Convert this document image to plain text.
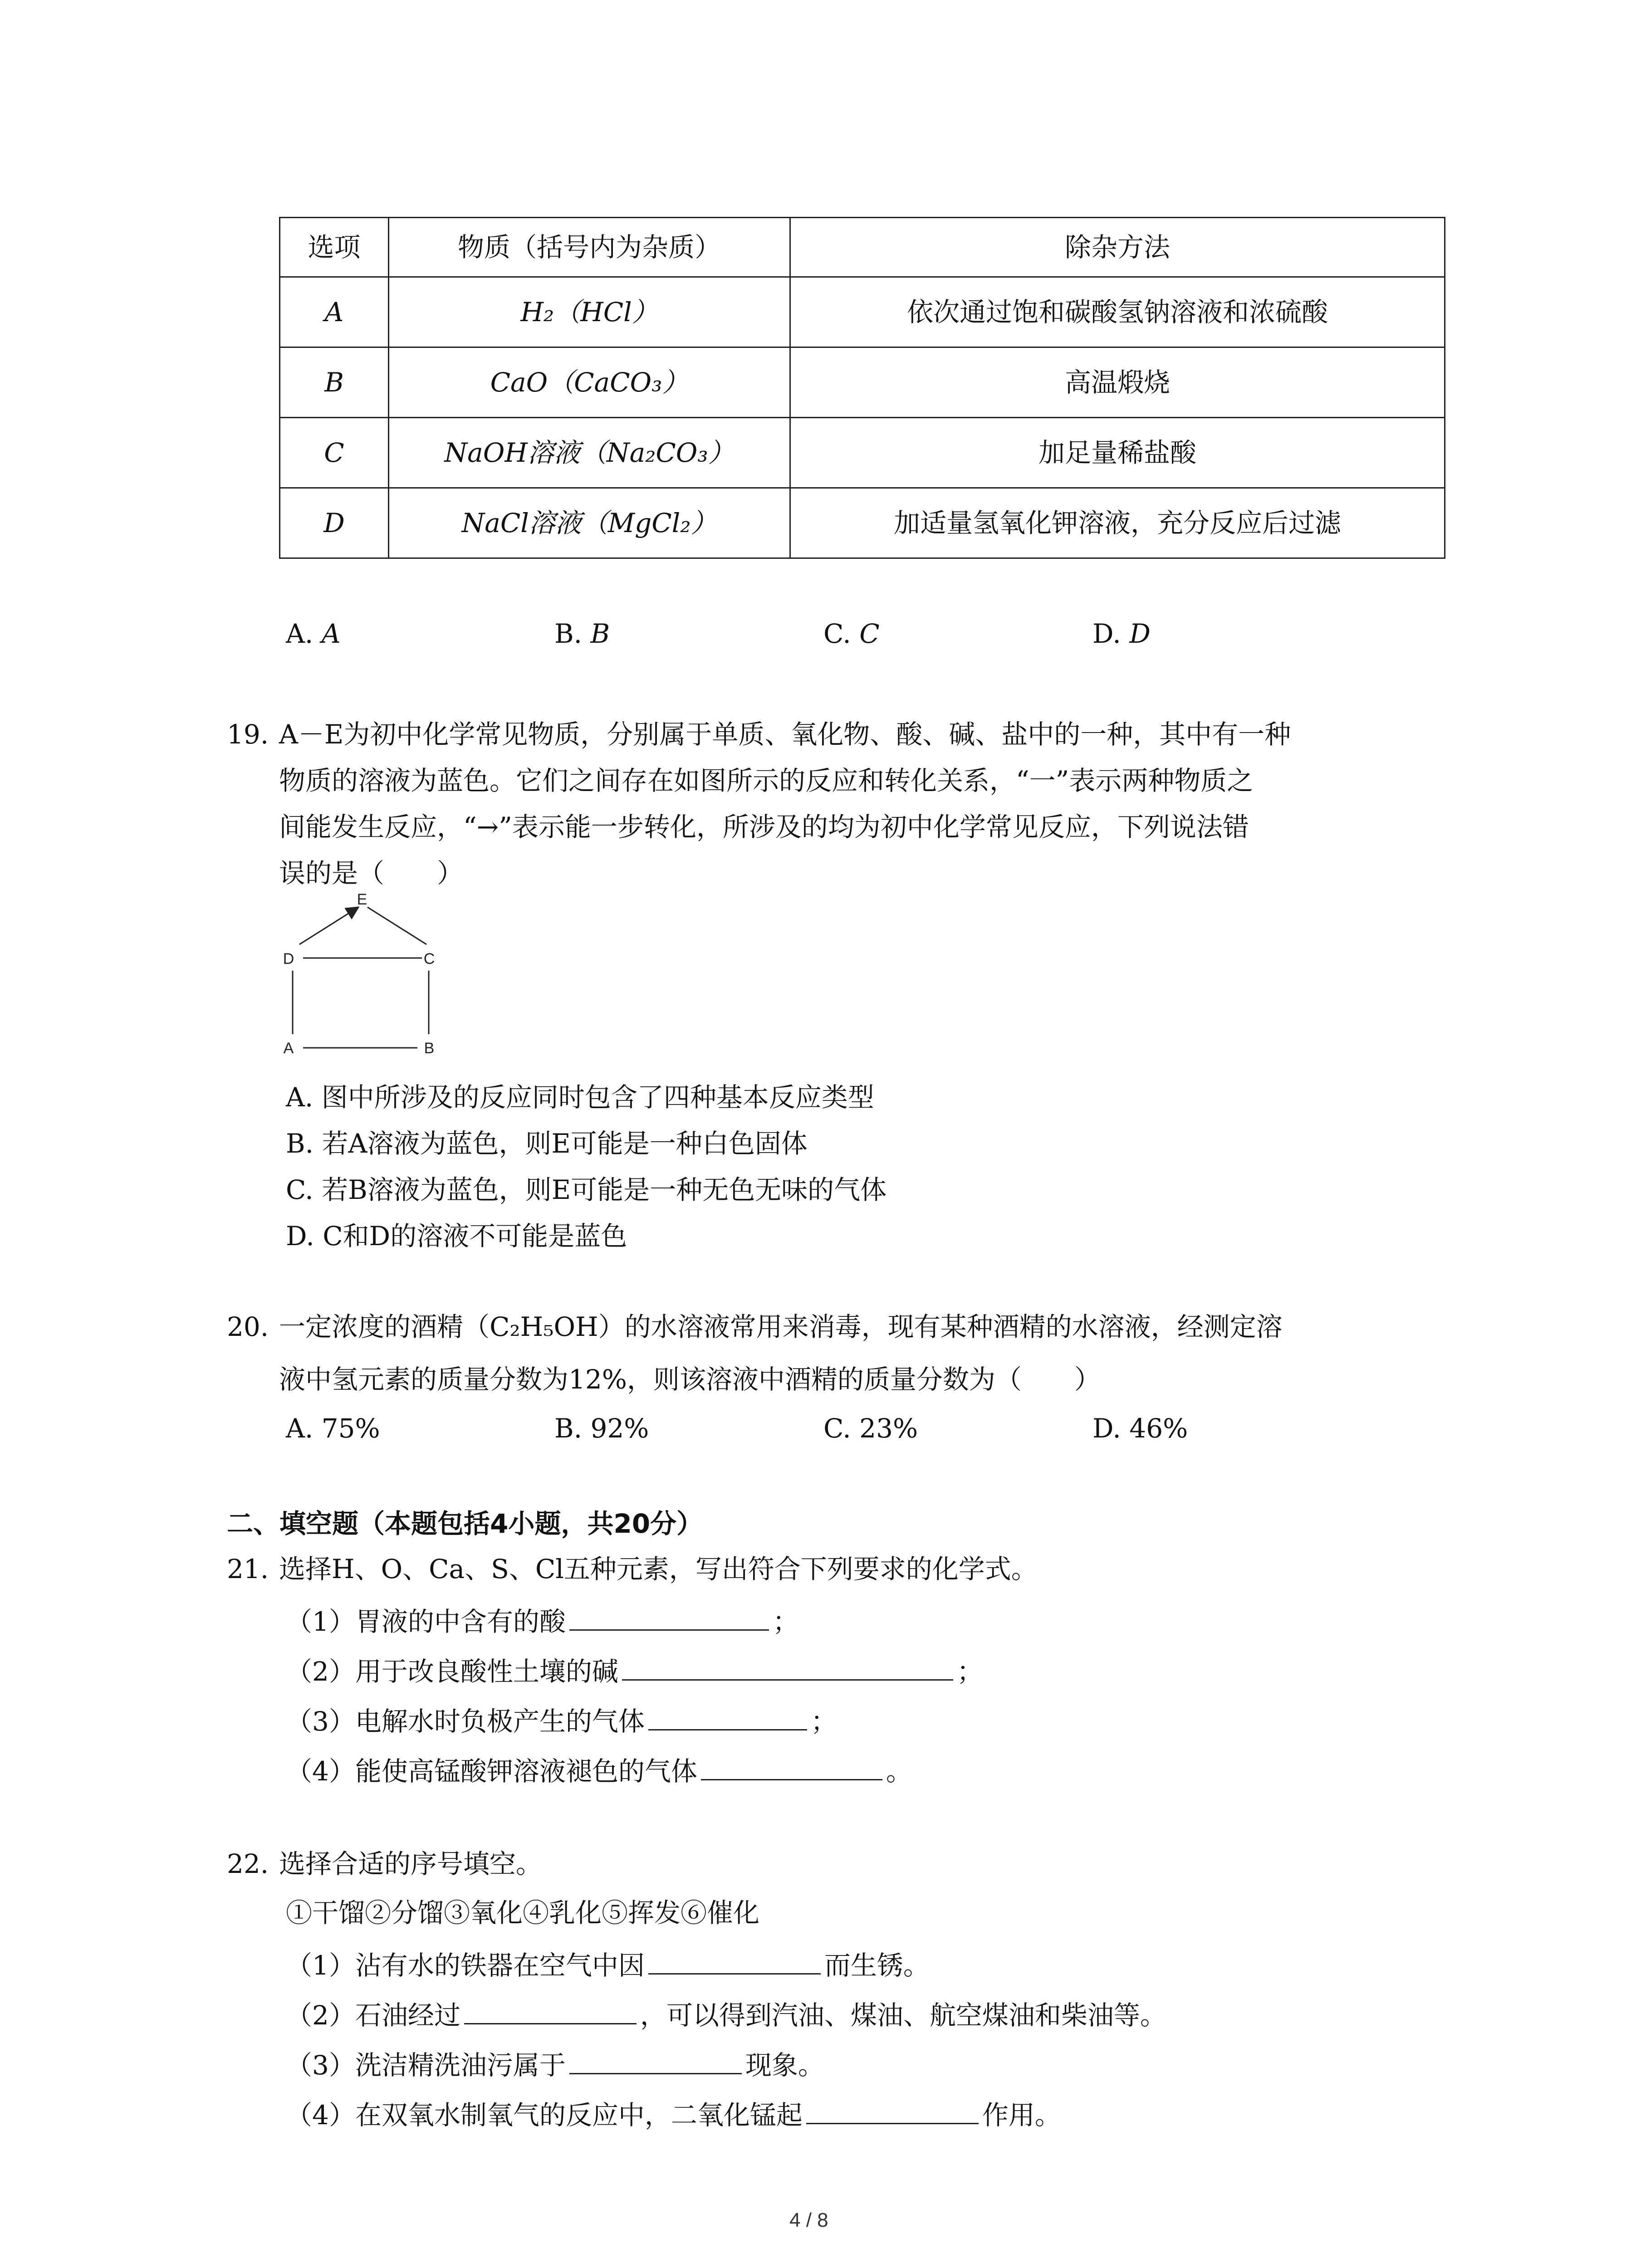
选项	物质（括号内为杂质）	除杂方法
A	H₂（HCl）	依次通过饱和碳酸氢钠溶液和浓硫酸
B	CaO（CaCO₃）	高温煅烧
C	NaOH溶液（Na₂CO₃）	加足量稀盐酸
D	NaCl溶液（MgCl₂）	加适量氢氧化钾溶液，充分反应后过滤
A. A	B. B	C. C	D. D
19. A－E为初中化学常见物质，分别属于单质、氧化物、酸、碱、盐中的一种，其中有一种
物质的溶液为蓝色。它们之间存在如图所示的反应和转化关系，“一”表示两种物质之
间能发生反应，“→”表示能一步转化，所涉及的均为初中化学常见反应，下列说法错
误的是（　　）
E
D	C
A	B
A. 图中所涉及的反应同时包含了四种基本反应类型
B. 若A溶液为蓝色，则E可能是一种白色固体
C. 若B溶液为蓝色，则E可能是一种无色无味的气体
D. C和D的溶液不可能是蓝色
20. 一定浓度的酒精（C₂H₅OH）的水溶液常用来消毒，现有某种酒精的水溶液，经测定溶
液中氢元素的质量分数为12%，则该溶液中酒精的质量分数为（　　）
A. 75%	B. 92%	C. 23%	D. 46%
二、填空题（本题包括4小题，共20分）
21. 选择H、O、Ca、S、Cl五种元素，写出符合下列要求的化学式。
（1）胃液的中含有的酸	；
（2）用于改良酸性土壤的碱	；
（3）电解水时负极产生的气体	；
（4）能使高锰酸钾溶液褪色的气体	。
22. 选择合适的序号填空。
①干馏②分馏③氧化④乳化⑤挥发⑥催化
（1）沾有水的铁器在空气中因	而生锈。
（2）石油经过	，可以得到汽油、煤油、航空煤油和柴油等。
（3）洗洁精洗油污属于	现象。
（4）在双氧水制氧气的反应中，二氧化锰起	作用。
4 / 8
